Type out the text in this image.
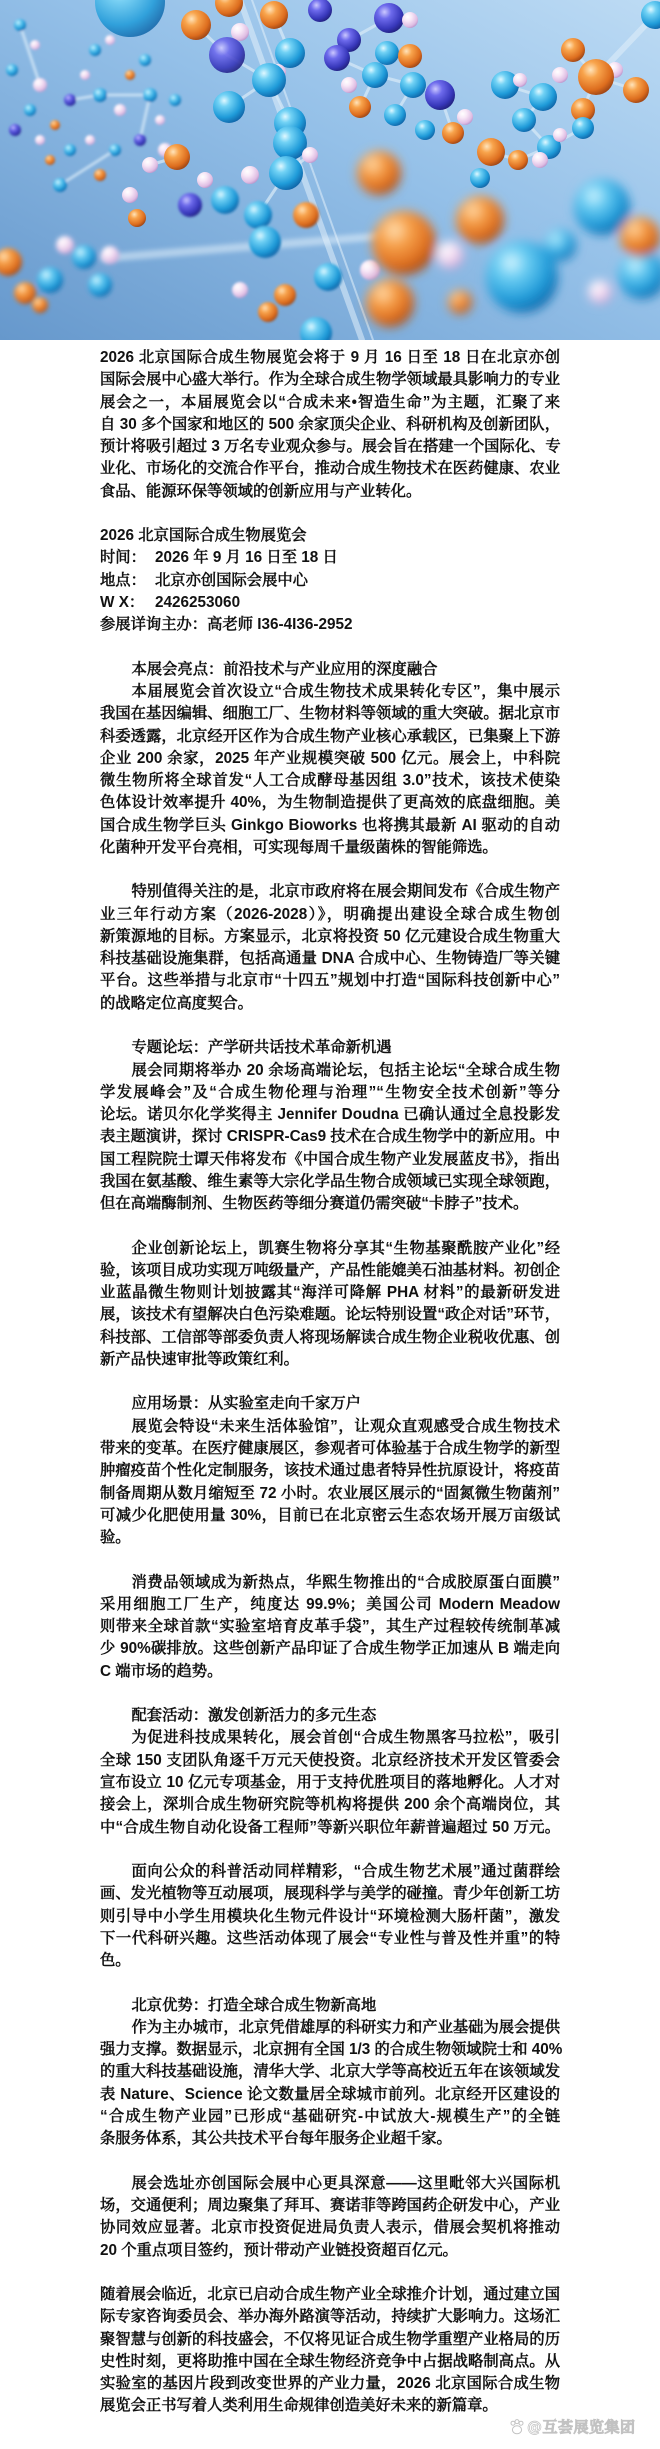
2026 北京国际合成生物展览会将于 9 月 16 日至 18 日在北京亦创
国际会展中心盛大举行。作为全球合成生物学领域最具影响力的专业
展会之一，本届展览会以“合成未来•智造生命”为主题，汇聚了来
自 30 多个国家和地区的 500 余家顶尖企业、科研机构及创新团队，
预计将吸引超过 3 万名专业观众参与。展会旨在搭建一个国际化、专
业化、市场化的交流合作平台，推动合成生物技术在医药健康、农业
食品、能源环保等领域的创新应用与产业转化。
2026 北京国际合成生物展览会
时间： 2026 年 9 月 16 日至 18 日
地点： 北京亦创国际会展中心
W X： 2426253060
参展详询主办：高老师 I36-4I36-2952
本展会亮点：前沿技术与产业应用的深度融合
本届展览会首次设立“合成生物技术成果转化专区”，集中展示
我国在基因编辑、细胞工厂、生物材料等领域的重大突破。据北京市
科委透露，北京经开区作为合成生物产业核心承载区，已集聚上下游
企业 200 余家，2025 年产业规模突破 500 亿元。展会上，中科院
微生物所将全球首发“人工合成酵母基因组 3.0”技术，该技术使染
色体设计效率提升 40%，为生物制造提供了更高效的底盘细胞。美
国合成生物学巨头 Ginkgo Bioworks 也将携其最新 AI 驱动的自动
化菌种开发平台亮相，可实现每周千量级菌株的智能筛选。
特别值得关注的是，北京市政府将在展会期间发布《合成生物产
业三年行动方案（2026-2028）》，明确提出建设全球合成生物创
新策源地的目标。方案显示，北京将投资 50 亿元建设合成生物重大
科技基础设施集群，包括高通量 DNA 合成中心、生物铸造厂等关键
平台。这些举措与北京市“十四五”规划中打造“国际科技创新中心”
的战略定位高度契合。
专题论坛：产学研共话技术革命新机遇
展会同期将举办 20 余场高端论坛，包括主论坛“全球合成生物
学发展峰会”及“合成生物伦理与治理”“生物安全技术创新”等分
论坛。诺贝尔化学奖得主 Jennifer Doudna 已确认通过全息投影发
表主题演讲，探讨 CRISPR-Cas9 技术在合成生物学中的新应用。中
国工程院院士谭天伟将发布《中国合成生物产业发展蓝皮书》，指出
我国在氨基酸、维生素等大宗化学品生物合成领域已实现全球领跑，
但在高端酶制剂、生物医药等细分赛道仍需突破“卡脖子”技术。
企业创新论坛上，凯赛生物将分享其“生物基聚酰胺产业化”经
验，该项目成功实现万吨级量产，产品性能媲美石油基材料。初创企
业蓝晶微生物则计划披露其“海洋可降解 PHA 材料”的最新研发进
展，该技术有望解决白色污染难题。论坛特别设置“政企对话”环节，
科技部、工信部等部委负责人将现场解读合成生物企业税收优惠、创
新产品快速审批等政策红利。
应用场景：从实验室走向千家万户
展览会特设“未来生活体验馆”，让观众直观感受合成生物技术
带来的变革。在医疗健康展区，参观者可体验基于合成生物学的新型
肿瘤疫苗个性化定制服务，该技术通过患者特异性抗原设计，将疫苗
制备周期从数月缩短至 72 小时。农业展区展示的“固氮微生物菌剂”
可减少化肥使用量 30%，目前已在北京密云生态农场开展万亩级试
验。
消费品领域成为新热点，华熙生物推出的“合成胶原蛋白面膜”
采用细胞工厂生产，纯度达 99.9%；美国公司 Modern Meadow
则带来全球首款“实验室培育皮革手袋”，其生产过程较传统制革减
少 90%碳排放。这些创新产品印证了合成生物学正加速从 B 端走向
C 端市场的趋势。
配套活动：激发创新活力的多元生态
为促进科技成果转化，展会首创“合成生物黑客马拉松”，吸引
全球 150 支团队角逐千万元天使投资。北京经济技术开发区管委会
宣布设立 10 亿元专项基金，用于支持优胜项目的落地孵化。人才对
接会上，深圳合成生物研究院等机构将提供 200 余个高端岗位，其
中“合成生物自动化设备工程师”等新兴职位年薪普遍超过 50 万元。
面向公众的科普活动同样精彩，“合成生物艺术展”通过菌群绘
画、发光植物等互动展项，展现科学与美学的碰撞。青少年创新工坊
则引导中小学生用模块化生物元件设计“环境检测大肠杆菌”，激发
下一代科研兴趣。这些活动体现了展会“专业性与普及性并重”的特
色。
北京优势：打造全球合成生物新高地
作为主办城市，北京凭借雄厚的科研实力和产业基础为展会提供
强力支撑。数据显示，北京拥有全国 1/3 的合成生物领域院士和 40%
的重大科技基础设施，清华大学、北京大学等高校近五年在该领域发
表 Nature、Science 论文数量居全球城市前列。北京经开区建设的
“合成生物产业园”已形成“基础研究-中试放大-规模生产”的全链
条服务体系，其公共技术平台每年服务企业超千家。
展会选址亦创国际会展中心更具深意——这里毗邻大兴国际机
场，交通便利；周边聚集了拜耳、赛诺菲等跨国药企研发中心，产业
协同效应显著。北京市投资促进局负责人表示，借展会契机将推动
20 个重点项目签约，预计带动产业链投资超百亿元。
随着展会临近，北京已启动合成生物产业全球推介计划，通过建立国
际专家咨询委员会、举办海外路演等活动，持续扩大影响力。这场汇
聚智慧与创新的科技盛会，不仅将见证合成生物学重塑产业格局的历
史性时刻，更将助推中国在全球生物经济竞争中占据战略制高点。从
实验室的基因片段到改变世界的产业力量，2026 北京国际合成生物
展览会正书写着人类利用生命规律创造美好未来的新篇章。
@互荟展览集团
